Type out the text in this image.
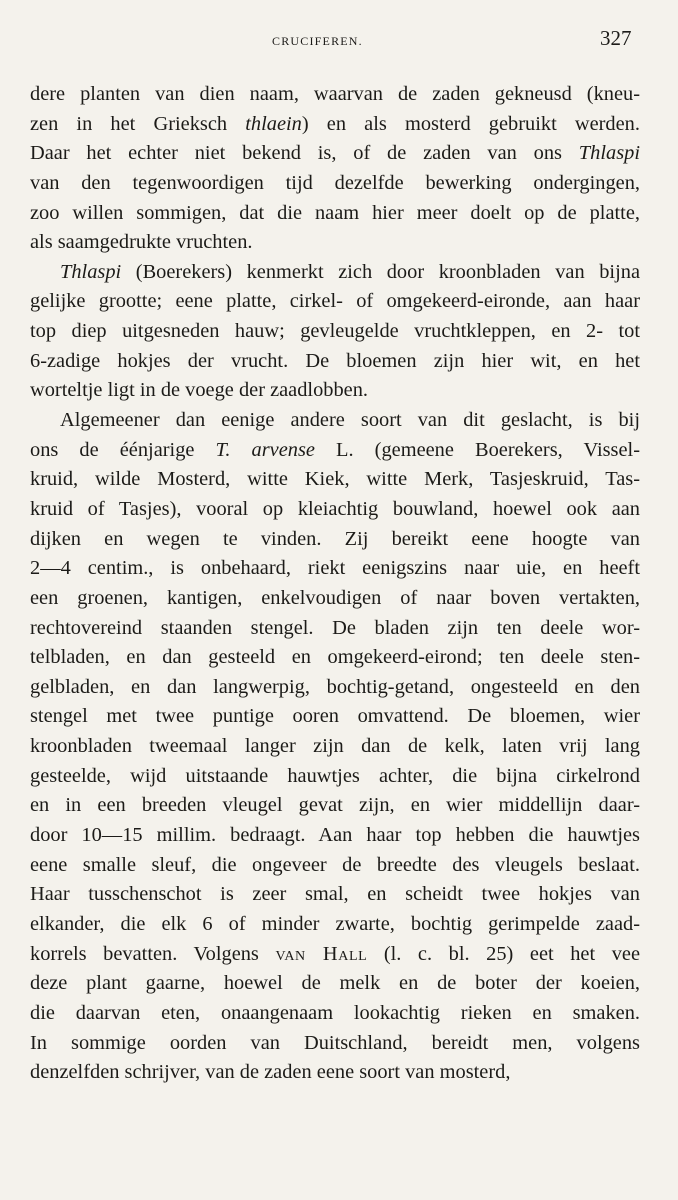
CRUCIFEREN.	327
dere planten van dien naam, waarvan de zaden gekneusd (kneu-
zen in het Grieksch thlaein) en als mosterd gebruikt werden.
Daar het echter niet bekend is, of de zaden van ons Thlaspi
van den tegenwoordigen tijd dezelfde bewerking ondergingen,
zoo willen sommigen, dat die naam hier meer doelt op de platte,
als saamgedrukte vruchten.
Thlaspi (Boerekers) kenmerkt zich door kroonbladen van bijna
gelijke grootte; eene platte, cirkel- of omgekeerd-eironde, aan haar
top diep uitgesneden hauw; gevleugelde vruchtkleppen, en 2- tot
6-zadige hokjes der vrucht. De bloemen zijn hier wit, en het
worteltje ligt in de voege der zaadlobben.
Algemeener dan eenige andere soort van dit geslacht, is bij
ons de éénjarige T. arvense L. (gemeene Boerekers, Vissel-
kruid, wilde Mosterd, witte Kiek, witte Merk, Tasjeskruid, Tas-
kruid of Tasjes), vooral op kleiachtig bouwland, hoewel ook aan
dijken en wegen te vinden. Zij bereikt eene hoogte van
2—4 centim., is onbehaard, riekt eenigszins naar uie, en heeft
een groenen, kantigen, enkelvoudigen of naar boven vertakten,
rechtovereind staanden stengel. De bladen zijn ten deele wor-
telbladen, en dan gesteeld en omgekeerd-eirond; ten deele sten-
gelbladen, en dan langwerpig, bochtig-getand, ongesteeld en den
stengel met twee puntige ooren omvattend. De bloemen, wier
kroonbladen tweemaal langer zijn dan de kelk, laten vrij lang
gesteelde, wijd uitstaande hauwtjes achter, die bijna cirkelrond
en in een breeden vleugel gevat zijn, en wier middellijn daar-
door 10—15 millim. bedraagt. Aan haar top hebben die hauwtjes
eene smalle sleuf, die ongeveer de breedte des vleugels beslaat.
Haar tusschenschot is zeer smal, en scheidt twee hokjes van
elkander, die elk 6 of minder zwarte, bochtig gerimpelde zaad-
korrels bevatten. Volgens van Hall (l. c. bl. 25) eet het vee
deze plant gaarne, hoewel de melk en de boter der koeien,
die daarvan eten, onaangenaam lookachtig rieken en smaken.
In sommige oorden van Duitschland, bereidt men, volgens
denzelfden schrijver, van de zaden eene soort van mosterd,
